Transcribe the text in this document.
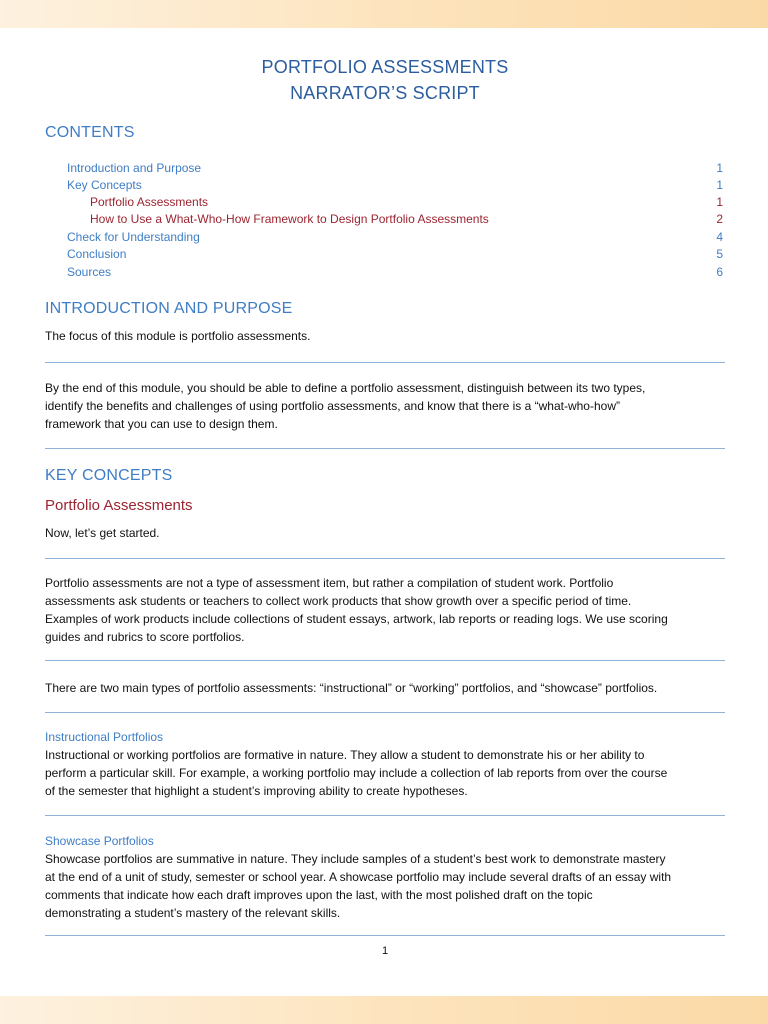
PORTFOLIO ASSESSMENTS
NARRATOR’S SCRIPT
CONTENTS
Introduction and Purpose	1
Key Concepts	1
Portfolio Assessments	1
How to Use a What-Who-How Framework to Design Portfolio Assessments	2
Check for Understanding	4
Conclusion	5
Sources	6
INTRODUCTION AND PURPOSE
The focus of this module is portfolio assessments.
By the end of this module, you should be able to define a portfolio assessment, distinguish between its two types,
identify the benefits and challenges of using portfolio assessments, and know that there is a “what-who-how”
framework that you can use to design them.
KEY CONCEPTS
Portfolio Assessments
Now, let’s get started.
Portfolio assessments are not a type of assessment item, but rather a compilation of student work. Portfolio
assessments ask students or teachers to collect work products that show growth over a specific period of time.
Examples of work products include collections of student essays, artwork, lab reports or reading logs. We use scoring
guides and rubrics to score portfolios.
There are two main types of portfolio assessments: “instructional” or “working” portfolios, and “showcase” portfolios.
Instructional Portfolios
Instructional or working portfolios are formative in nature. They allow a student to demonstrate his or her ability to
perform a particular skill. For example, a working portfolio may include a collection of lab reports from over the course
of the semester that highlight a student’s improving ability to create hypotheses.
Showcase Portfolios
Showcase portfolios are summative in nature. They include samples of a student’s best work to demonstrate mastery
at the end of a unit of study, semester or school year. A showcase portfolio may include several drafts of an essay with
comments that indicate how each draft improves upon the last, with the most polished draft on the topic
demonstrating a student’s mastery of the relevant skills.
1
